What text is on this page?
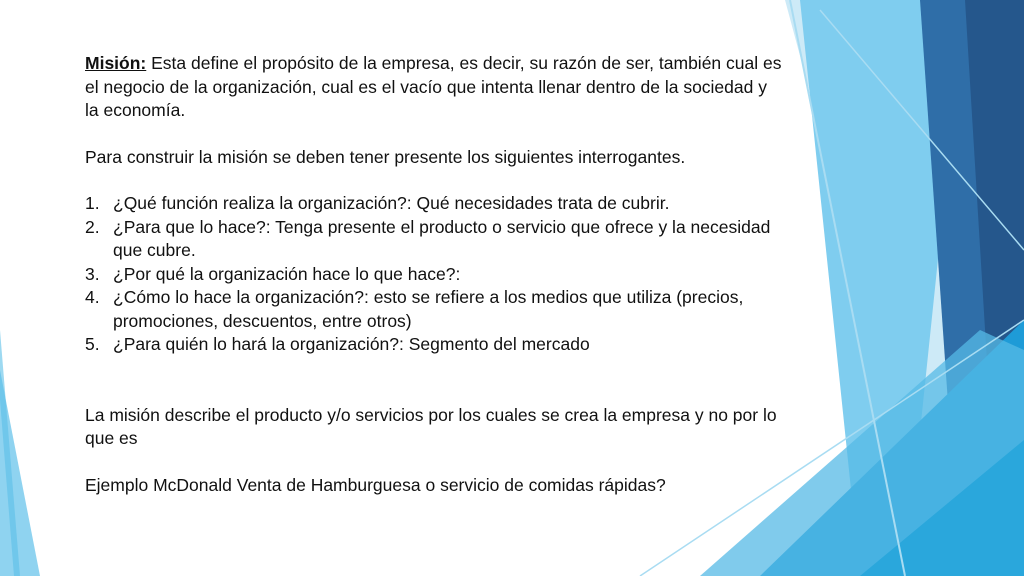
Misión: Esta define el propósito de la empresa, es decir, su razón de ser, también cual es el negocio de la organización, cual es el vacío que intenta llenar dentro de la sociedad y la economía.

Para construir la misión se deben tener presente los siguientes interrogantes.

1. ¿Qué función realiza la organización?: Qué necesidades trata de cubrir.
2. ¿Para que lo hace?: Tenga presente el producto o servicio que ofrece y la necesidad que cubre.
3. ¿Por qué la organización hace lo que hace?:
4. ¿Cómo lo hace la organización?: esto se refiere a los medios que utiliza (precios, promociones, descuentos, entre otros)
5. ¿Para quién lo hará la organización?: Segmento del mercado

La misión describe el producto y/o servicios por los cuales se crea la empresa y no por lo que es

Ejemplo McDonald Venta de Hamburguesa o servicio de comidas rápidas?
